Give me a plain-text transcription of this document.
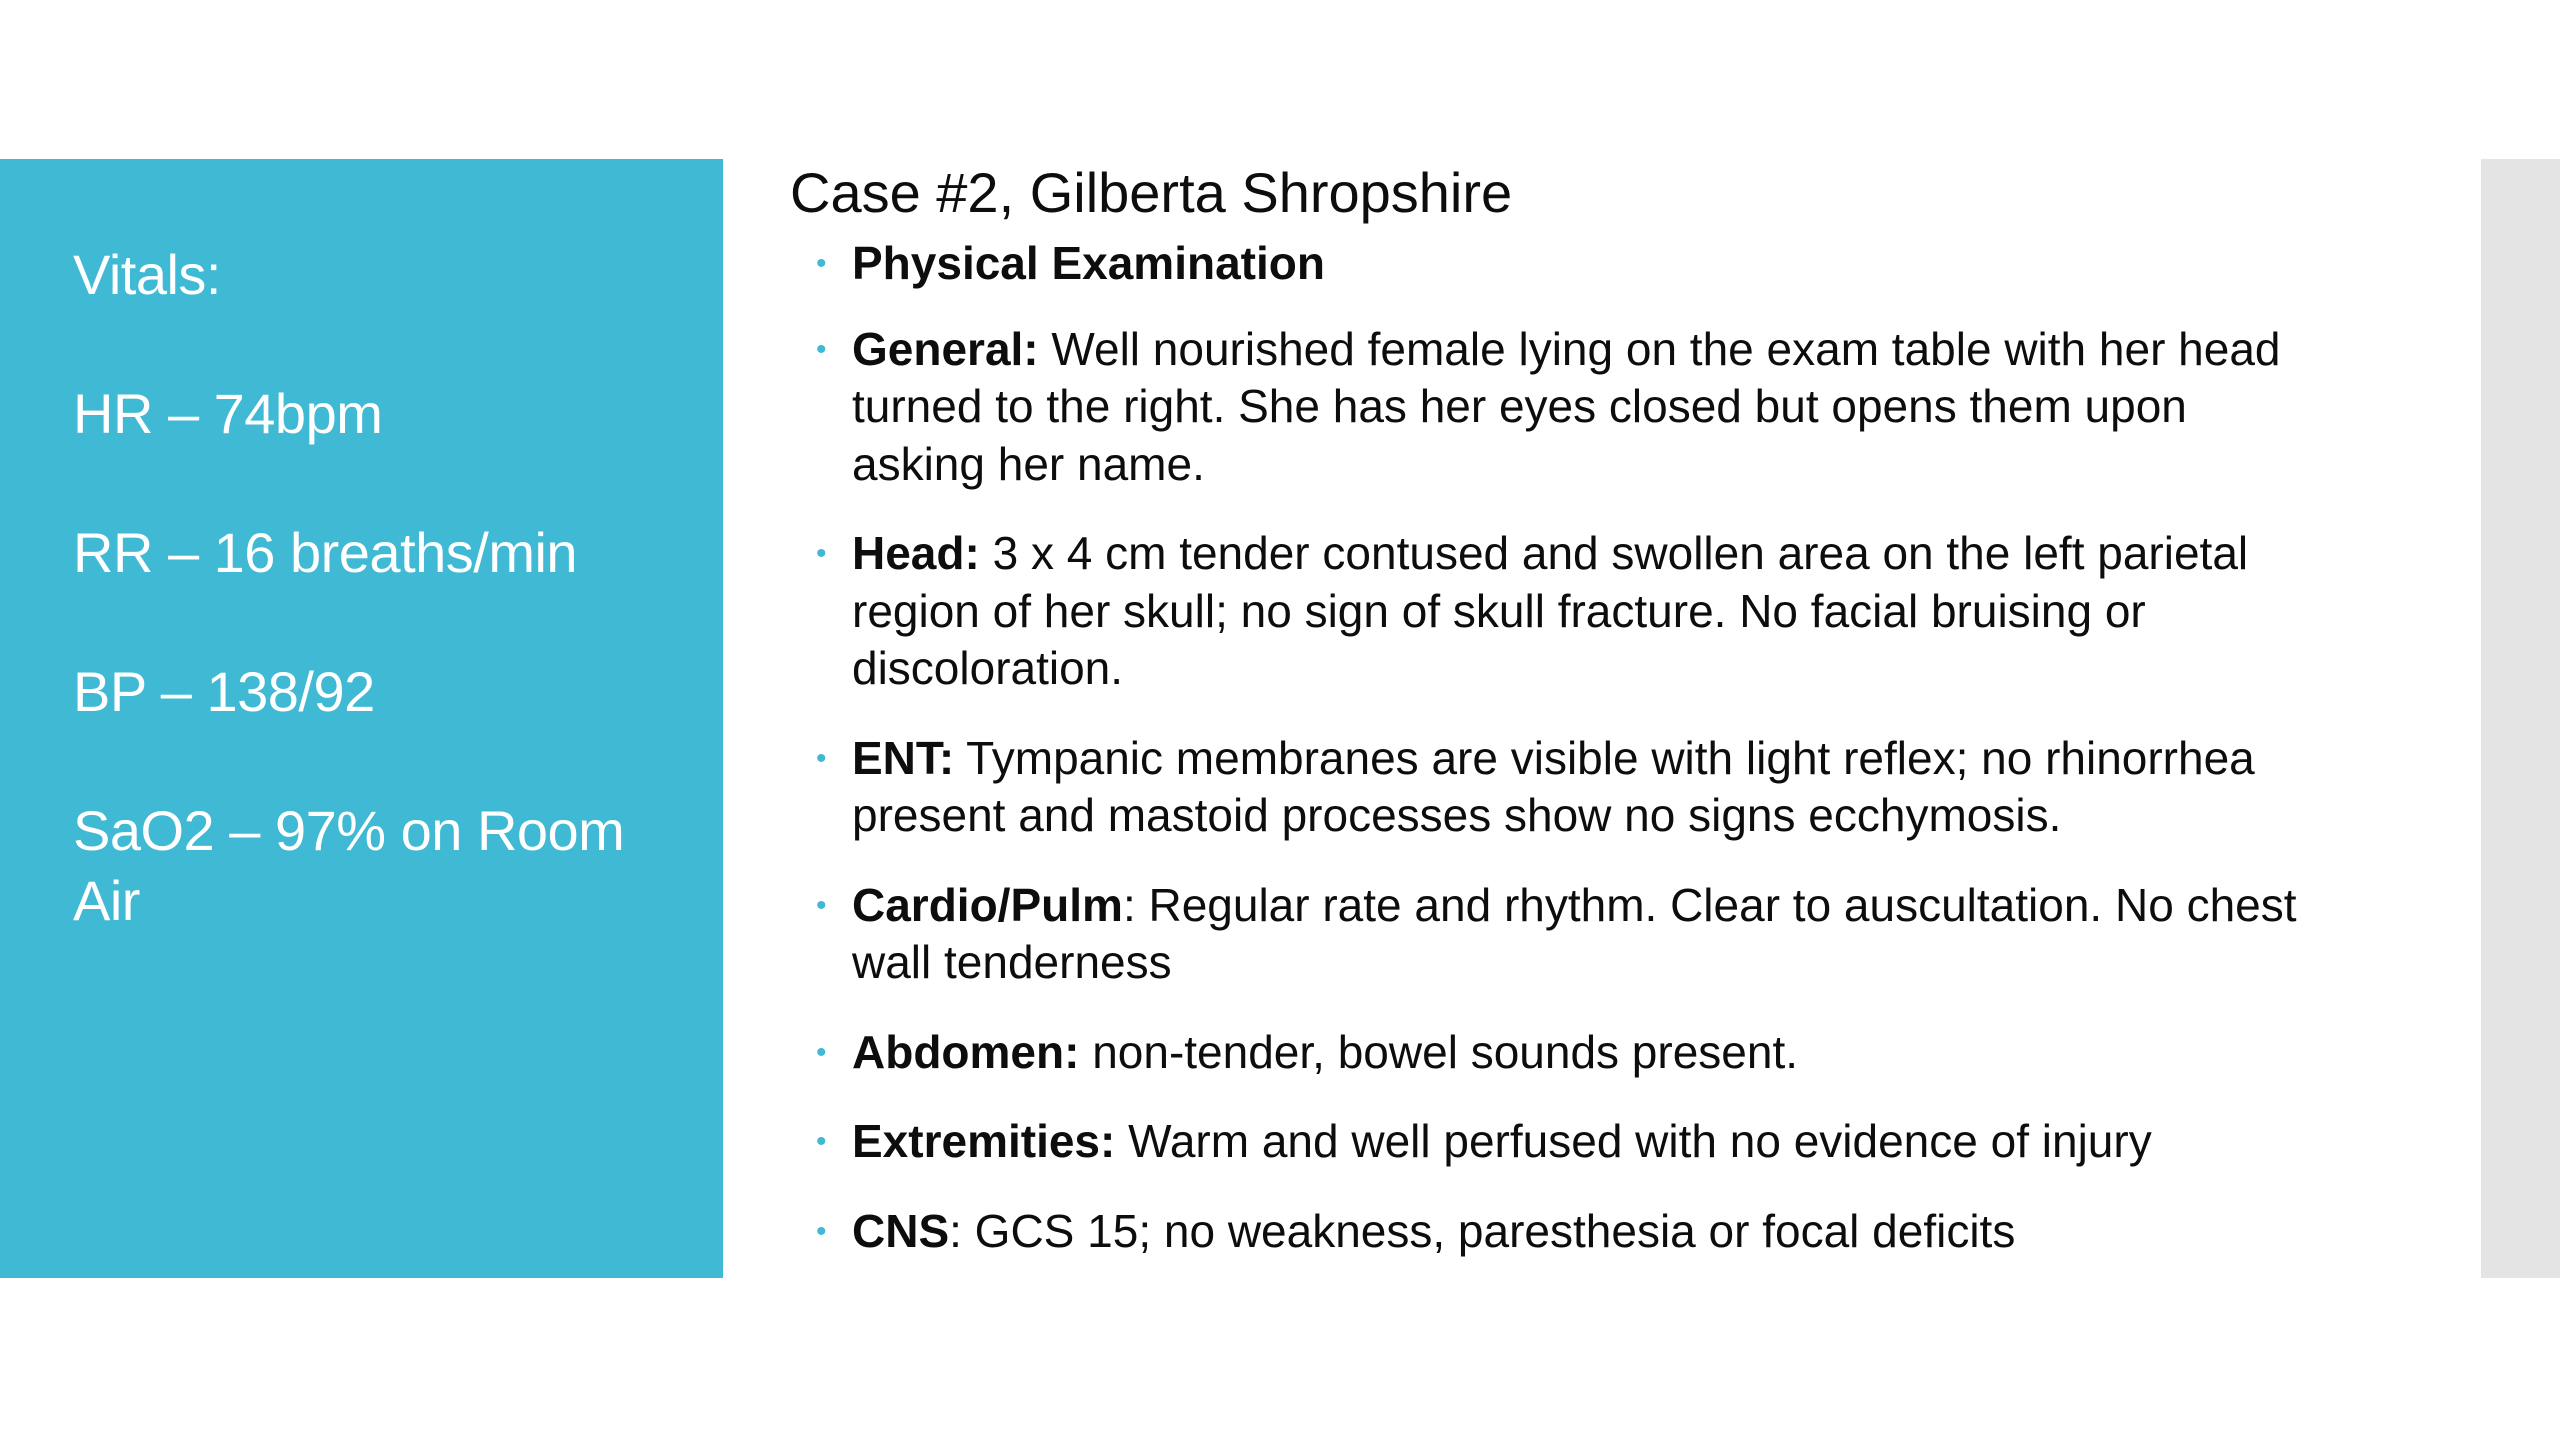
Vitals:
HR – 74bpm
RR – 16 breaths/min
BP – 138/92
SaO2 – 97% on Room Air
Case #2, Gilberta Shropshire
• Physical Examination
• General: Well nourished female lying on the exam table with her head turned to the right. She has her eyes closed but opens them upon asking her name.
• Head: 3 x 4 cm tender contused and swollen area on the left parietal region of her skull; no sign of skull fracture. No facial bruising or discoloration.
• ENT: Tympanic membranes are visible with light reflex; no rhinorrhea present and mastoid processes show no signs ecchymosis.
• Cardio/Pulm: Regular rate and rhythm. Clear to auscultation. No chest wall tenderness
• Abdomen: non-tender, bowel sounds present.
• Extremities: Warm and well perfused with no evidence of injury
• CNS: GCS 15; no weakness, paresthesia or focal deficits
